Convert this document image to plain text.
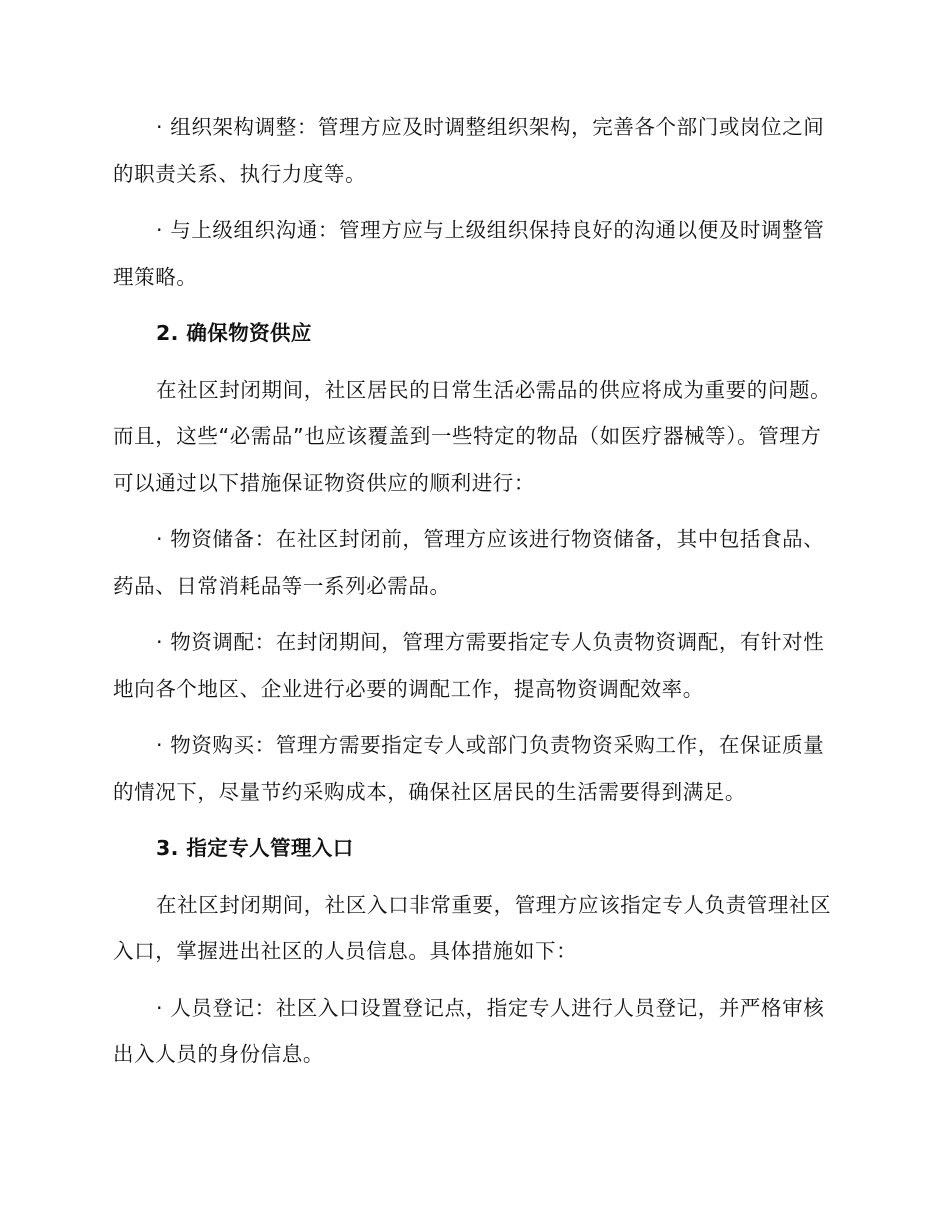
· 组织架构调整：管理方应及时调整组织架构，完善各个部门或岗位之间的职责关系、执行力度等。

· 与上级组织沟通：管理方应与上级组织保持良好的沟通以便及时调整管理策略。

2. 确保物资供应

在社区封闭期间，社区居民的日常生活必需品的供应将成为重要的问题。而且，这些“必需品”也应该覆盖到一些特定的物品（如医疗器械等）。管理方可以通过以下措施保证物资供应的顺利进行：

· 物资储备：在社区封闭前，管理方应该进行物资储备，其中包括食品、药品、日常消耗品等一系列必需品。

· 物资调配：在封闭期间，管理方需要指定专人负责物资调配，有针对性地向各个地区、企业进行必要的调配工作，提高物资调配效率。

· 物资购买：管理方需要指定专人或部门负责物资采购工作，在保证质量的情况下，尽量节约采购成本，确保社区居民的生活需要得到满足。

3. 指定专人管理入口

在社区封闭期间，社区入口非常重要，管理方应该指定专人负责管理社区入口，掌握进出社区的人员信息。具体措施如下：

· 人员登记：社区入口设置登记点，指定专人进行人员登记，并严格审核出入人员的身份信息。
